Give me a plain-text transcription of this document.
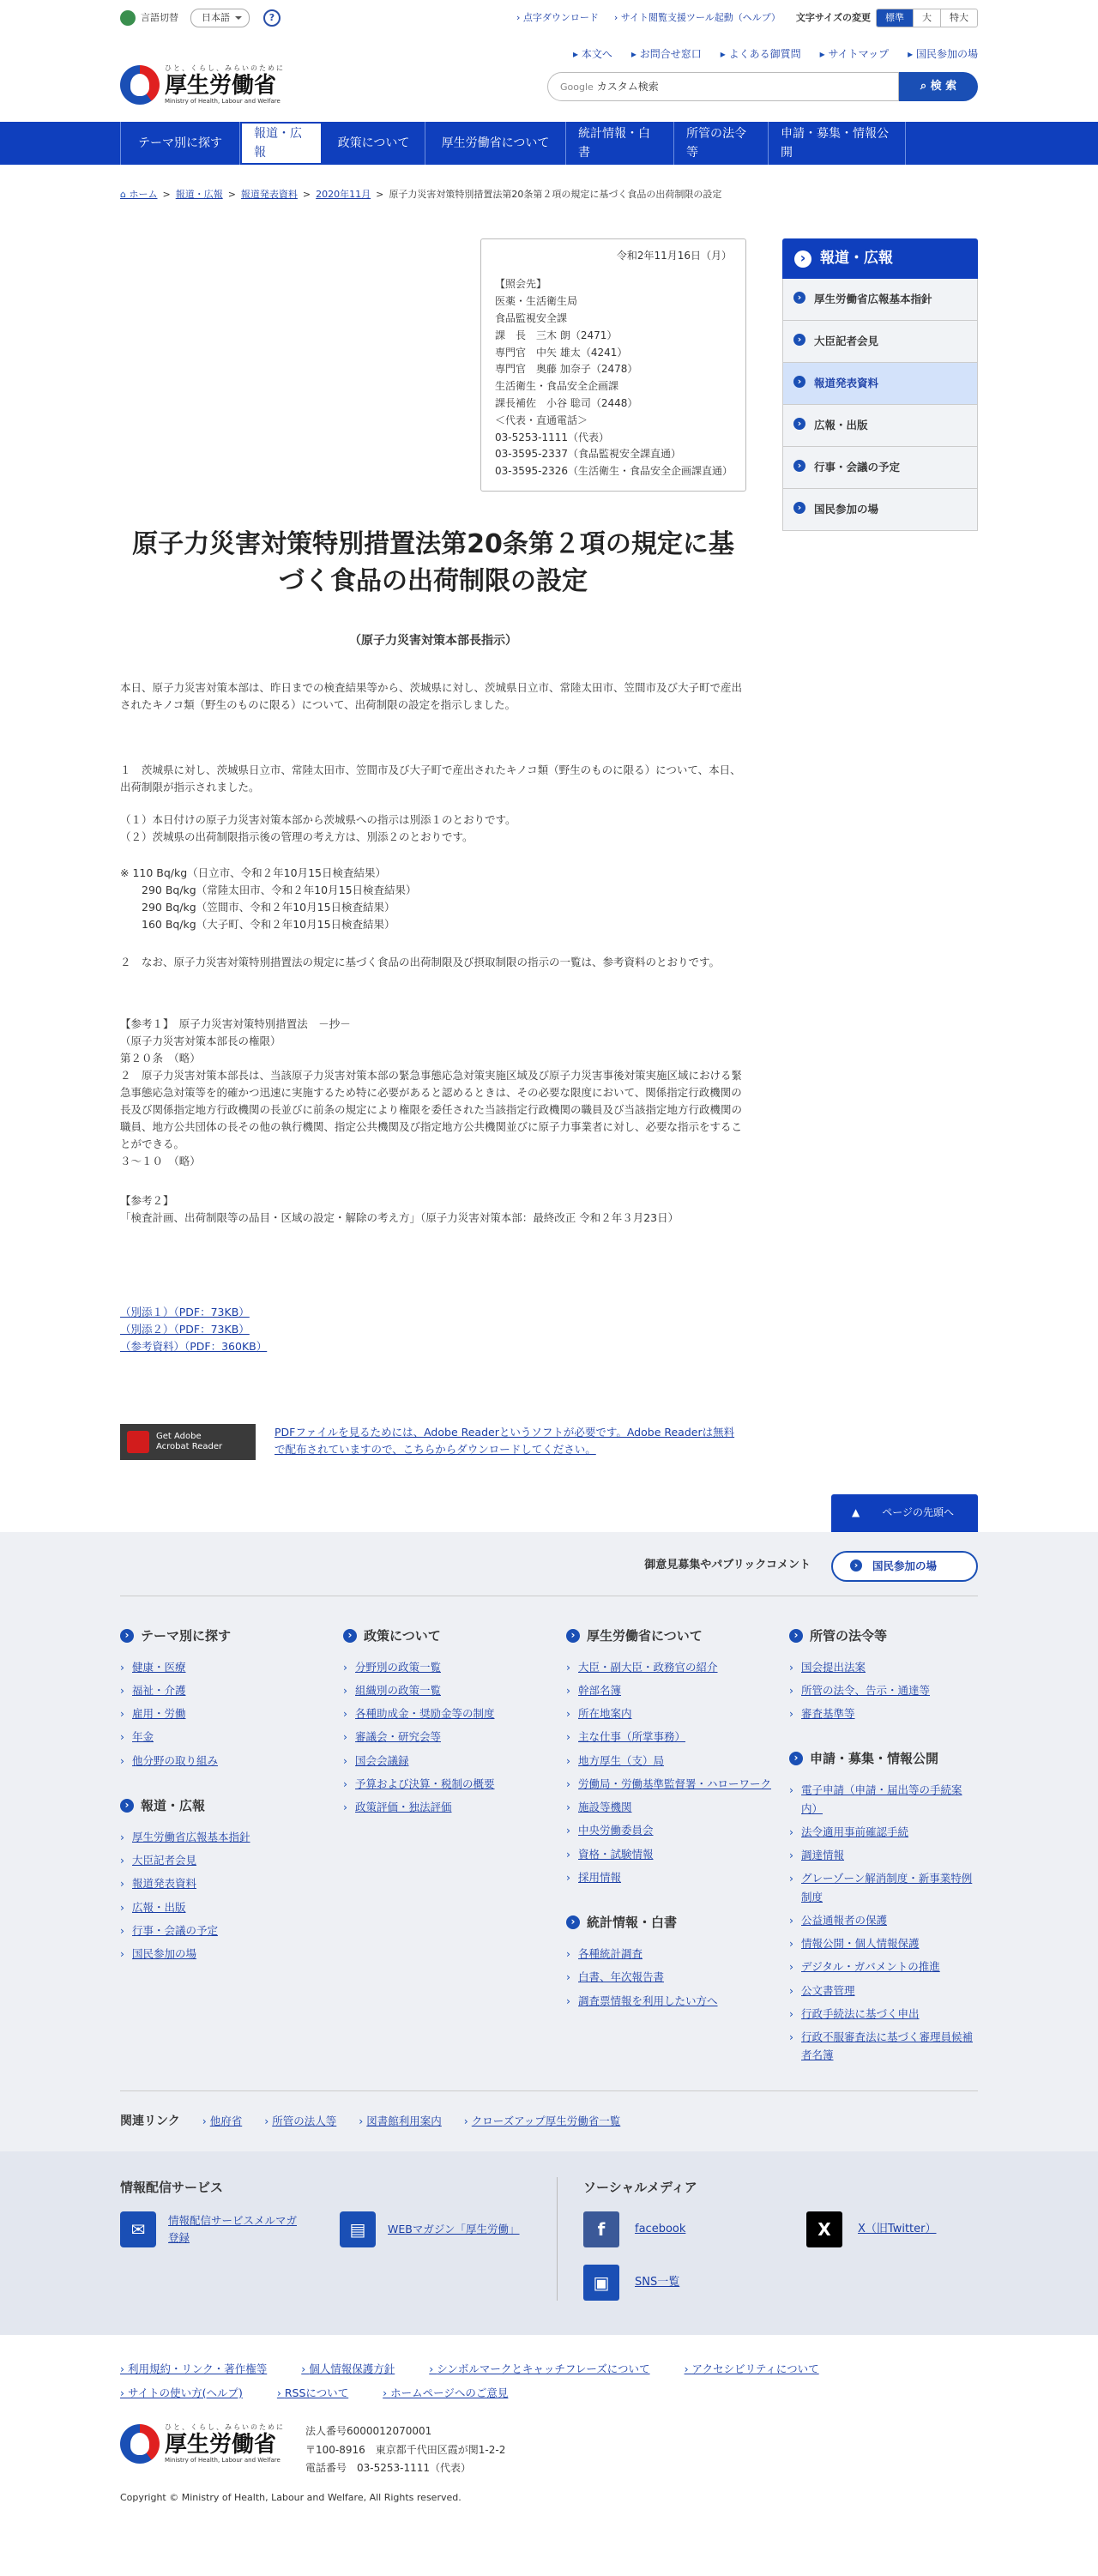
言語切替	日本語	?	› 点字ダウンロード	› サイト閲覧支援ツール起動（ヘルプ） 文字サイズの変更	標準	大	特大
ひと、くらし、みらいのために
厚生労働省
Ministry of Health, Labour and Welfare
▸ 本文へ	▸ お問合せ窓口	▸ よくある御質問	▸ サイトマップ	▸ 国民参加の場
Google カスタム検索	⌕ 検 索
テーマ別に探す
報道・広報
政策について	厚生労働省について
統計情報・白書
所管の法令等
申請・募集・情報公開
⌂ ホーム > 報道・広報 > 報道発表資料 > 2020年11月 > 原子力災害対策特別措置法第20条第２項の規定に基づく食品の出荷制限の設定
令和2年11月16日（月）
【照会先】
医薬・生活衛生局
食品監視安全課
課　長　三木 朗（2471）
専門官　中矢 雄太（4241）
専門官　奥藤 加奈子（2478）
生活衛生・食品安全企画課
課長補佐　小谷 聡司（2448）
＜代表・直通電話＞
03-5253-1111（代表）
03-3595-2337（食品監視安全課直通）
03-3595-2326（生活衛生・食品安全企画課直通）
原子力災害対策特別措置法第20条第２項の規定に基づく食品の出荷制限の設定
（原子力災害対策本部長指示）
本日、原子力災害対策本部は、昨日までの検査結果等から、茨城県に対し、茨城県日立市、常陸太田市、笠間市及び大子町で産出されたキノコ類（野生のものに限る）について、出荷制限の設定を指示しました。
１　茨城県に対し、茨城県日立市、常陸太田市、笠間市及び大子町で産出されたキノコ類（野生のものに限る）について、本日、出荷制限が指示されました。
（１）本日付けの原子力災害対策本部から茨城県への指示は別添１のとおりです。
（２）茨城県の出荷制限指示後の管理の考え方は、別添２のとおりです。
※ 110 Bq/kg（日立市、令和２年10月15日検査結果）
　　290 Bq/kg（常陸太田市、令和２年10月15日検査結果）
　　290 Bq/kg（笠間市、令和２年10月15日検査結果）
　　160 Bq/kg（大子町、令和２年10月15日検査結果）
２　なお、原子力災害対策特別措置法の規定に基づく食品の出荷制限及び摂取制限の指示の一覧は、参考資料のとおりです。
【参考１】　原子力災害対策特別措置法　－抄－
（原子力災害対策本部長の権限）
第２０条　（略）
２　原子力災害対策本部長は、当該原子力災害対策本部の緊急事態応急対策実施区域及び原子力災害事後対策実施区域における緊急事態応急対策等を的確かつ迅速に実施するため特に必要があると認めるときは、その必要な限度において、関係指定行政機関の長及び関係指定地方行政機関の長並びに前条の規定により権限を委任された当該指定行政機関の職員及び当該指定地方行政機関の職員、地方公共団体の長その他の執行機関、指定公共機関及び指定地方公共機関並びに原子力事業者に対し、必要な指示をすることができる。
３～１０　（略）
【参考２】
「検査計画、出荷制限等の品目・区域の設定・解除の考え方」（原子力災害対策本部：最終改正 令和２年３月23日）
（別添１）（PDF：73KB）
（別添２）（PDF：73KB）
（参考資料）（PDF：360KB）
Get Adobe
Acrobat Reader

PDFファイルを見るためには、Adobe Readerというソフトが必要です。Adobe Readerは無料で配布されていますので、こちらからダウンロードしてください。

› 報道・広報
› 厚生労働省広報基本指針
› 大臣記者会見
› 報道発表資料
› 広報・出版
› 行事・会議の予定
› 国民参加の場
▲ページの先頭へ
御意見募集やパブリックコメント	› 国民参加の場
› テーマ別に探す
› 健康・医療
› 福祉・介護
› 雇用・労働
› 年金
› 他分野の取り組み
› 報道・広報
› 厚生労働省広報基本指針
› 大臣記者会見
› 報道発表資料
› 広報・出版
› 行事・会議の予定
› 国民参加の場
› 政策について
› 分野別の政策一覧
› 組織別の政策一覧
› 各種助成金・奨励金等の制度
› 審議会・研究会等
› 国会会議録
› 予算および決算・税制の概要
› 政策評価・独法評価
› 厚生労働省について
› 大臣・副大臣・政務官の紹介
› 幹部名簿
› 所在地案内
› 主な仕事（所掌事務）
› 地方厚生（支）局
› 労働局・労働基準監督署・ハローワーク
› 施設等機関
› 中央労働委員会
› 資格・試験情報
› 採用情報
› 統計情報・白書
› 各種統計調査
› 白書、年次報告書
› 調査票情報を利用したい方へ
› 所管の法令等
› 国会提出法案
› 所管の法令、告示・通達等
› 審査基準等
› 申請・募集・情報公開
› 電子申請（申請・届出等の手続案内）
› 法令適用事前確認手続
› 調達情報
› グレーゾーン解消制度・新事業特例制度
› 公益通報者の保護
› 情報公開・個人情報保護
› デジタル・ガバメントの推進
› 公文書管理
› 行政手続法に基づく申出
› 行政不服審査法に基づく審理員候補者名簿
関連リンク	› 他府省	› 所管の法人等	› 図書館利用案内	› クローズアップ厚生労働省一覧
情報配信サービス
✉	情報配信サービスメルマガ登録	▤	WEBマガジン「厚生労働」
ソーシャルメディア
f	facebook	X	X（旧Twitter）
▣	SNS一覧
› 利用規約・リンク・著作権等	› 個人情報保護方針	› シンボルマークとキャッチフレーズについて	› アクセシビリティについて
› サイトの使い方(ヘルプ)	› RSSについて	› ホームページへのご意見
ひと、くらし、みらいのために
厚生労働省
Ministry of Health, Labour and Welfare
法人番号6000012070001
〒100-8916　東京都千代田区霞が関1-2-2
電話番号　03-5253-1111（代表）
Copyright © Ministry of Health, Labour and Welfare, All Rights reserved.
